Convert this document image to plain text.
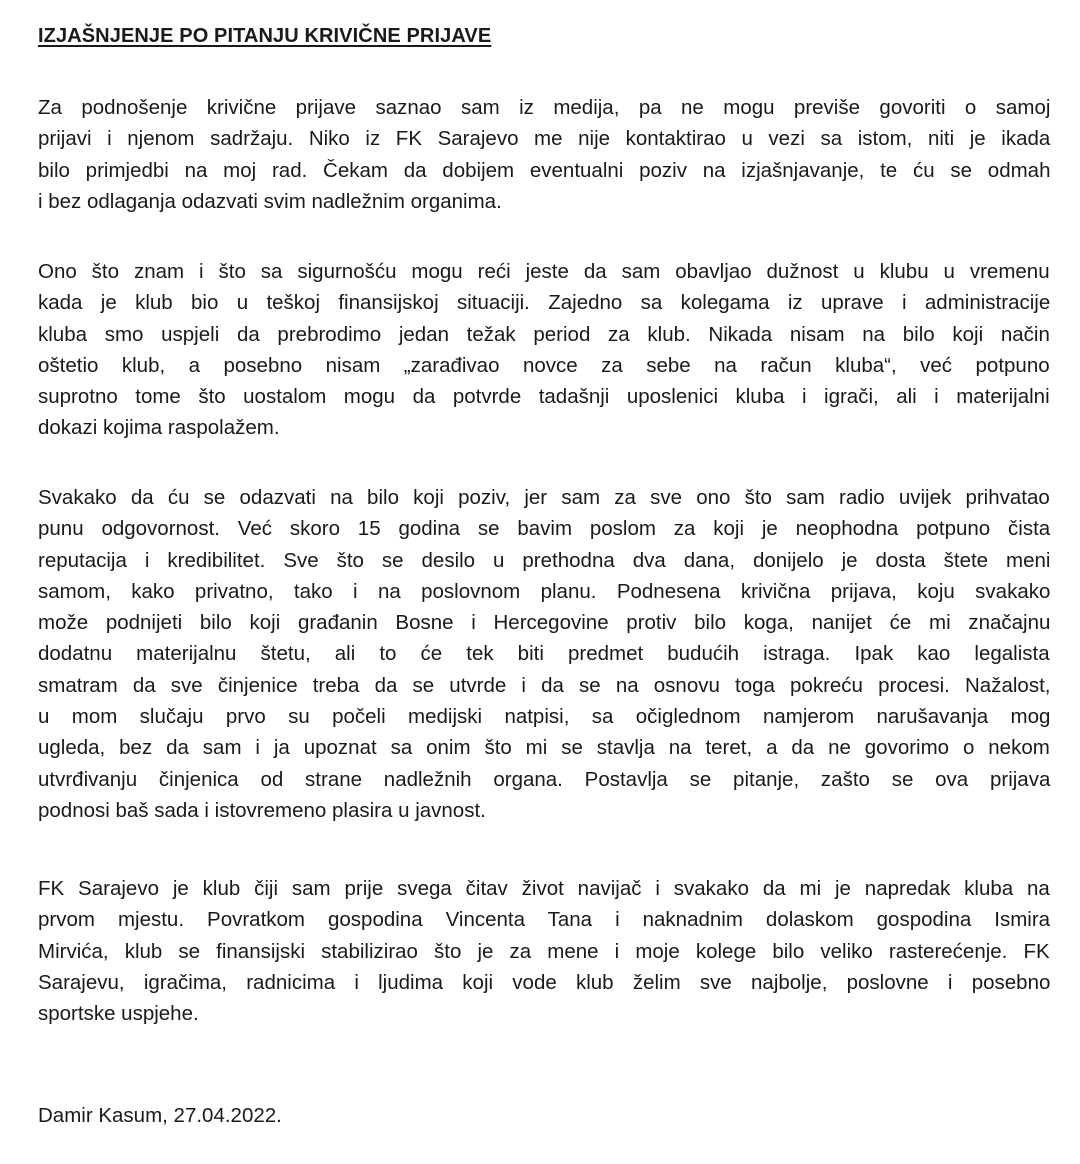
IZJAŠNJENJE PO PITANJU KRIVIČNE PRIJAVE
Za podnošenje krivične prijave saznao sam iz medija, pa ne mogu previše govoriti o samoj
prijavi i njenom sadržaju. Niko iz FK Sarajevo me nije kontaktirao u vezi sa istom, niti je ikada
bilo primjedbi na moj rad. Čekam da dobijem eventualni poziv na izjašnjavanje, te ću se odmah
i bez odlaganja odazvati svim nadležnim organima.
Ono što znam i što sa sigurnošću mogu reći jeste da sam obavljao dužnost u klubu u vremenu
kada je klub bio u teškoj finansijskoj situaciji. Zajedno sa kolegama iz uprave i administracije
kluba smo uspjeli da prebrodimo jedan težak period za klub. Nikada nisam na bilo koji način
oštetio klub, a posebno nisam „zarađivao novce za sebe na račun kluba“, već potpuno
suprotno tome što uostalom mogu da potvrde tadašnji uposlenici kluba i igrači, ali i materijalni
dokazi kojima raspolažem.
Svakako da ću se odazvati na bilo koji poziv, jer sam za sve ono što sam radio uvijek prihvatao
punu odgovornost. Već skoro 15 godina se bavim poslom za koji je neophodna potpuno čista
reputacija i kredibilitet. Sve što se desilo u prethodna dva dana, donijelo je dosta štete meni
samom, kako privatno, tako i na poslovnom planu. Podnesena krivična prijava, koju svakako
može podnijeti bilo koji građanin Bosne i Hercegovine protiv bilo koga, nanijet će mi značajnu
dodatnu materijalnu štetu, ali to će tek biti predmet budućih istraga. Ipak kao legalista
smatram da sve činjenice treba da se utvrde i da se na osnovu toga pokreću procesi. Nažalost,
u mom slučaju prvo su počeli medijski natpisi, sa očiglednom namjerom narušavanja mog
ugleda, bez da sam i ja upoznat sa onim što mi se stavlja na teret, a da ne govorimo o nekom
utvrđivanju činjenica od strane nadležnih organa. Postavlja se pitanje, zašto se ova prijava
podnosi baš sada i istovremeno plasira u javnost.
FK Sarajevo je klub čiji sam prije svega čitav život navijač i svakako da mi je napredak kluba na
prvom mjestu. Povratkom gospodina Vincenta Tana i naknadnim dolaskom gospodina Ismira
Mirvića, klub se finansijski stabilizirao što je za mene i moje kolege bilo veliko rasterećenje. FK
Sarajevu, igračima, radnicima i ljudima koji vode klub želim sve najbolje, poslovne i posebno
sportske uspjehe.
Damir Kasum, 27.04.2022.
